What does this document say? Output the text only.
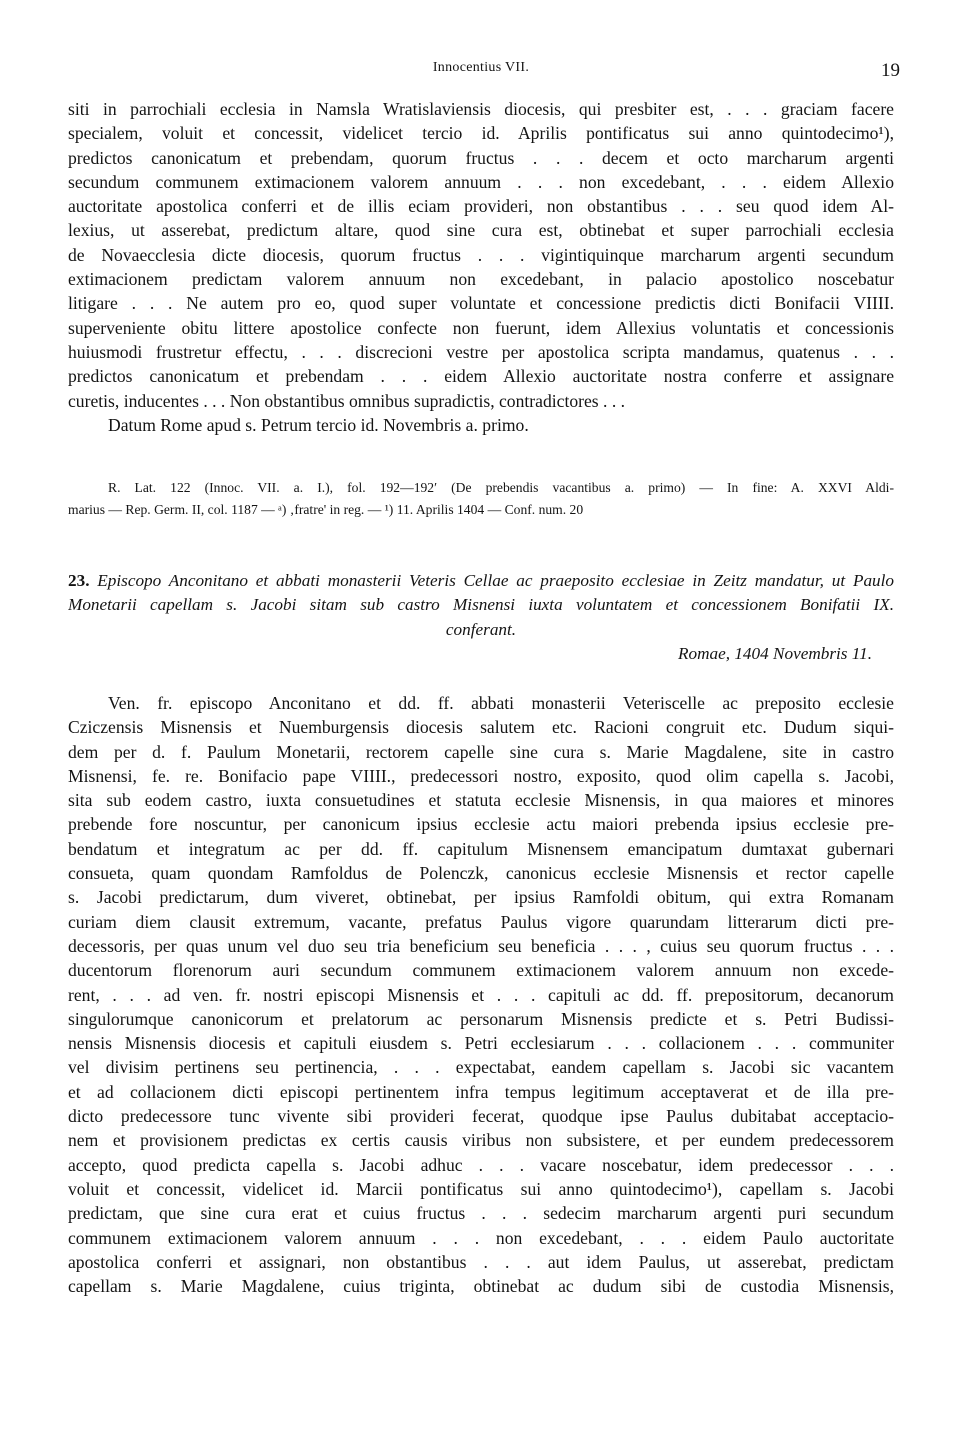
Innocentius VII.	19
siti in parrochiali ecclesia in Namsla Wratislaviensis diocesis, qui presbiter est, . . . graciam facere
specialem, voluit et concessit, videlicet tercio id. Aprilis pontificatus sui anno quintodecimo¹),
predictos canonicatum et prebendam, quorum fructus . . . decem et octo marcharum argenti
secundum communem extimacionem valorem annuum . . . non excedebant, . . . eidem Allexio
auctoritate apostolica conferri et de illis eciam provideri, non obstantibus . . . seu quod idem Al-
lexius, ut asserebat, predictum altare, quod sine cura est, obtinebat et super parrochiali ecclesia
de Novaecclesia dicte diocesis, quorum fructus . . . vigintiquinque marcharum argenti secundum
extimacionem predictam valorem annuum non excedebant, in palacio apostolico noscebatur
litigare . . . Ne autem pro eo, quod super voluntate et concessione predictis dicti Bonifacii VIIII.
superveniente obitu littere apostolice confecte non fuerunt, idem Allexius voluntatis et concessionis
huiusmodi frustretur effectu, . . . discrecioni vestre per apostolica scripta mandamus, quatenus . . .
predictos canonicatum et prebendam . . . eidem Allexio auctoritate nostra conferre et assignare
curetis, inducentes . . . Non obstantibus omnibus supradictis, contradictores . . .
Datum Rome apud s. Petrum tercio id. Novembris a. primo.
R. Lat. 122 (Innoc. VII. a. I.), fol. 192—192′ (De prebendis vacantibus a. primo) — In fine: A. XXVI Aldi-
marius — Rep. Germ. II, col. 1187 — ᵃ) ‚fratre' in reg. — ¹) 11. Aprilis 1404 — Conf. num. 20
23. Episcopo Anconitano et abbati monasterii Veteris Cellae ac praeposito ecclesiae in Zeitz mandatur, ut Paulo
Monetarii capellam s. Jacobi sitam sub castro Misnensi iuxta voluntatem et concessionem Bonifatii IX.
conferant.
Romae, 1404 Novembris 11.
Ven. fr. episcopo Anconitano et dd. ff. abbati monasterii Veteriscelle ac preposito ecclesie
Cziczensis Misnensis et Nuemburgensis diocesis salutem etc. Racioni congruit etc. Dudum siqui-
dem per d. f. Paulum Monetarii, rectorem capelle sine cura s. Marie Magdalene, site in castro
Misnensi, fe. re. Bonifacio pape VIIII., predecessori nostro, exposito, quod olim capella s. Jacobi,
sita sub eodem castro, iuxta consuetudines et statuta ecclesie Misnensis, in qua maiores et minores
prebende fore noscuntur, per canonicum ipsius ecclesie actu maiori prebenda ipsius ecclesie pre-
bendatum et integratum ac per dd. ff. capitulum Misnensem emancipatum dumtaxat gubernari
consueta, quam quondam Ramfoldus de Polenczk, canonicus ecclesie Misnensis et rector capelle
s. Jacobi predictarum, dum viveret, obtinebat, per ipsius Ramfoldi obitum, qui extra Romanam
curiam diem clausit extremum, vacante, prefatus Paulus vigore quarundam litterarum dicti pre-
decessoris, per quas unum vel duo seu tria beneficium seu beneficia . . . , cuius seu quorum fructus . . .
ducentorum florenorum auri secundum communem extimacionem valorem annuum non excede-
rent, . . . ad ven. fr. nostri episcopi Misnensis et . . . capituli ac dd. ff. prepositorum, decanorum
singulorumque canonicorum et prelatorum ac personarum Misnensis predicte et s. Petri Budissi-
nensis Misnensis diocesis et capituli eiusdem s. Petri ecclesiarum . . . collacionem . . . communiter
vel divisim pertinens seu pertinencia, . . . expectabat, eandem capellam s. Jacobi sic vacantem
et ad collacionem dicti episcopi pertinentem infra tempus legitimum acceptaverat et de illa pre-
dicto predecessore tunc vivente sibi provideri fecerat, quodque ipse Paulus dubitabat acceptacio-
nem et provisionem predictas ex certis causis viribus non subsistere, et per eundem predecessorem
accepto, quod predicta capella s. Jacobi adhuc . . . vacare noscebatur, idem predecessor . . .
voluit et concessit, videlicet id. Marcii pontificatus sui anno quintodecimo¹), capellam s. Jacobi
predictam, que sine cura erat et cuius fructus . . . sedecim marcharum argenti puri secundum
communem extimacionem valorem annuum . . . non excedebant, . . . eidem Paulo auctoritate
apostolica conferri et assignari, non obstantibus . . . aut idem Paulus, ut asserebat, predictam
capellam s. Marie Magdalene, cuius triginta, obtinebat ac dudum sibi de custodia Misnensis,
